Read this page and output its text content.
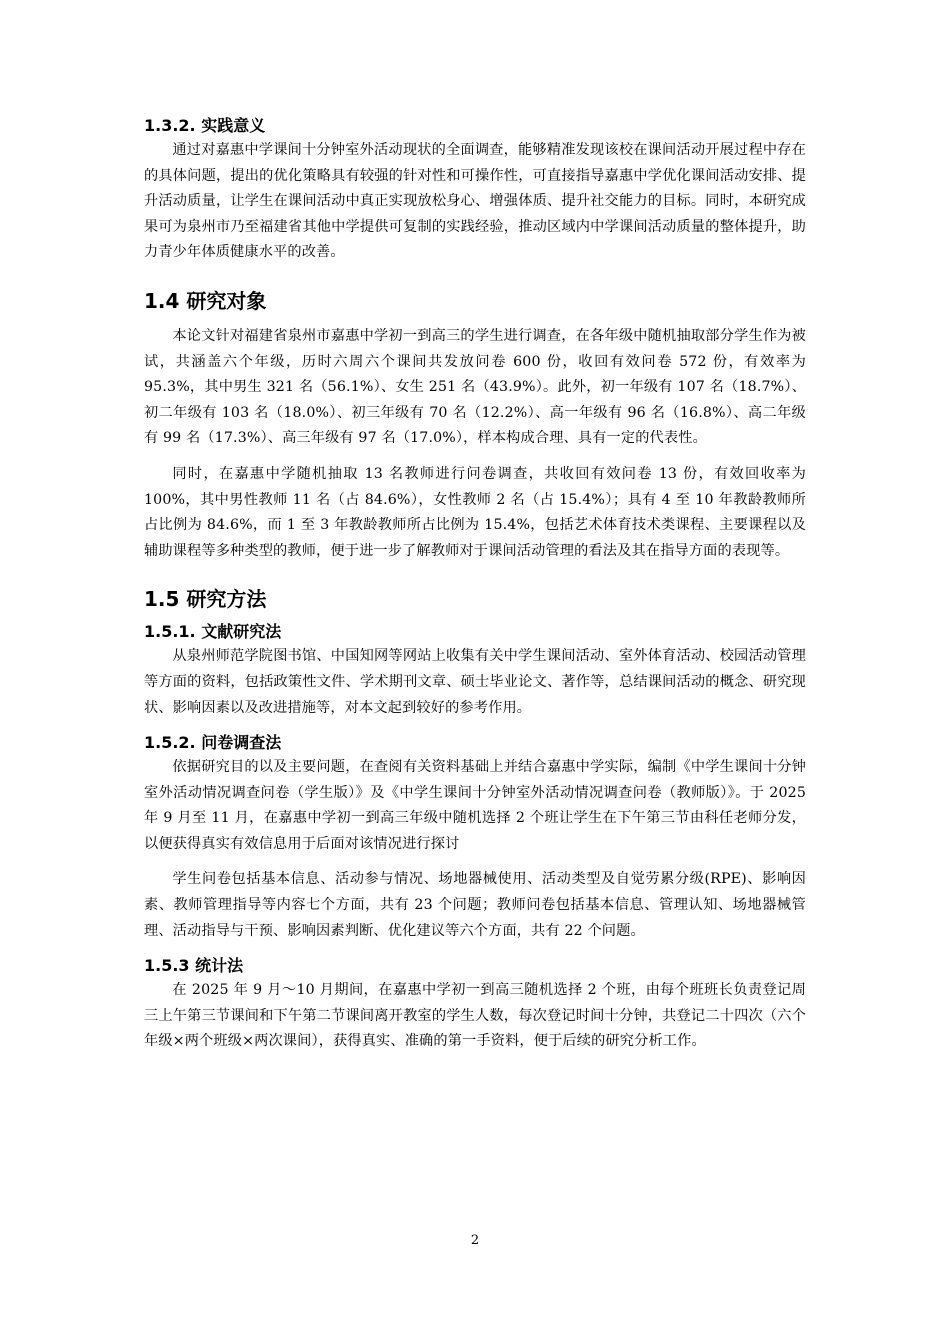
1.3.2. 实践意义

通过对嘉惠中学课间十分钟室外活动现状的全面调查，能够精准发现该校在课间活动开展过程中存在的具体问题，提出的优化策略具有较强的针对性和可操作性，可直接指导嘉惠中学优化课间活动安排、提升活动质量，让学生在课间活动中真正实现放松身心、增强体质、提升社交能力的目标。同时，本研究成果可为泉州市乃至福建省其他中学提供可复制的实践经验，推动区域内中学课间活动质量的整体提升，助力青少年体质健康水平的改善。

1.4 研究对象

本论文针对福建省泉州市嘉惠中学初一到高三的学生进行调查，在各年级中随机抽取部分学生作为被试，共涵盖六个年级，历时六周六个课间共发放问卷 600 份，收回有效问卷 572 份，有效率为 95.3%，其中男生 321 名（56.1%）、女生 251 名（43.9%）。此外，初一年级有 107 名（18.7%）、初二年级有 103 名（18.0%）、初三年级有 70 名（12.2%）、高一年级有 96 名（16.8%）、高二年级有 99 名（17.3%）、高三年级有 97 名（17.0%），样本构成合理、具有一定的代表性。

同时，在嘉惠中学随机抽取 13 名教师进行问卷调查，共收回有效问卷 13 份，有效回收率为 100%，其中男性教师 11 名（占 84.6%），女性教师 2 名（占 15.4%）；具有 4 至 10 年教龄教师所占比例为 84.6%，而 1 至 3 年教龄教师所占比例为 15.4%，包括艺术体育技术类课程、主要课程以及辅助课程等多种类型的教师，便于进一步了解教师对于课间活动管理的看法及其在指导方面的表现等。

1.5 研究方法

1.5.1. 文献研究法

从泉州师范学院图书馆、中国知网等网站上收集有关中学生课间活动、室外体育活动、校园活动管理等方面的资料，包括政策性文件、学术期刊文章、硕士毕业论文、著作等，总结课间活动的概念、研究现状、影响因素以及改进措施等，对本文起到较好的参考作用。

1.5.2. 问卷调查法

依据研究目的以及主要问题，在查阅有关资料基础上并结合嘉惠中学实际，编制《中学生课间十分钟室外活动情况调查问卷（学生版）》及《中学生课间十分钟室外活动情况调查问卷（教师版）》。于 2025 年 9 月至 11 月，在嘉惠中学初一到高三年级中随机选择 2 个班让学生在下午第三节由科任老师分发，以便获得真实有效信息用于后面对该情况进行探讨

学生问卷包括基本信息、活动参与情况、场地器械使用、活动类型及自觉劳累分级(RPE)、影响因素、教师管理指导等内容七个方面，共有 23 个问题；教师问卷包括基本信息、管理认知、场地器械管理、活动指导与干预、影响因素判断、优化建议等六个方面，共有 22 个问题。

1.5.3 统计法

在 2025 年 9 月～10 月期间，在嘉惠中学初一到高三随机选择 2 个班，由每个班班长负责登记周三上午第三节课间和下午第二节课间离开教室的学生人数，每次登记时间十分钟，共登记二十四次（六个年级×两个班级×两次课间），获得真实、准确的第一手资料，便于后续的研究分析工作。

2
